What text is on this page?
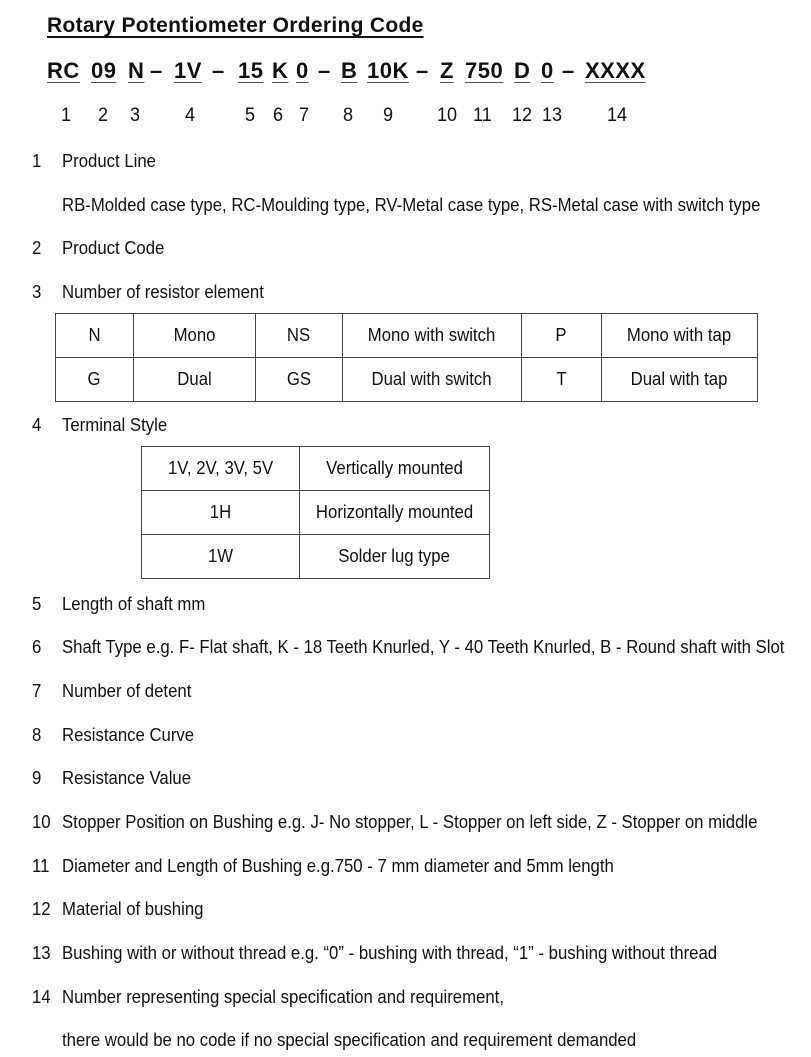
Rotary Potentiometer Ordering Code
RC 09 N – 1V – 15 K 0 – B 10K – Z 750 D 0 – XXXX
1 2 3 4	5 6 7 8 9 10 11 12 13 14
1 Product Line
RB-Molded case type, RC-Moulding type, RV-Metal case type, RS-Metal case with switch type
2 Product Code
3 Number of resistor element
N	Mono	NS	Mono with switch	P	Mono with tap
G	Dual	GS	Dual with switch	T	Dual with tap
4 Terminal Style
1V, 2V, 3V, 5V	Vertically mounted
1H	Horizontally mounted
1W	Solder lug type
5 Length of shaft mm
6 Shaft Type e.g. F- Flat shaft, K - 18 Teeth Knurled, Y - 40 Teeth Knurled, B - Round shaft with Slot
7 Number of detent
8 Resistance Curve
9 Resistance Value
10 Stopper Position on Bushing e.g. J- No stopper, L - Stopper on left side, Z - Stopper on middle
11 Diameter and Length of Bushing e.g.750 - 7 mm diameter and 5mm length
12 Material of bushing
13 Bushing with or without thread e.g. “0” - bushing with thread, “1” - bushing without thread
14 Number representing special specification and requirement,
there would be no code if no special specification and requirement demanded
